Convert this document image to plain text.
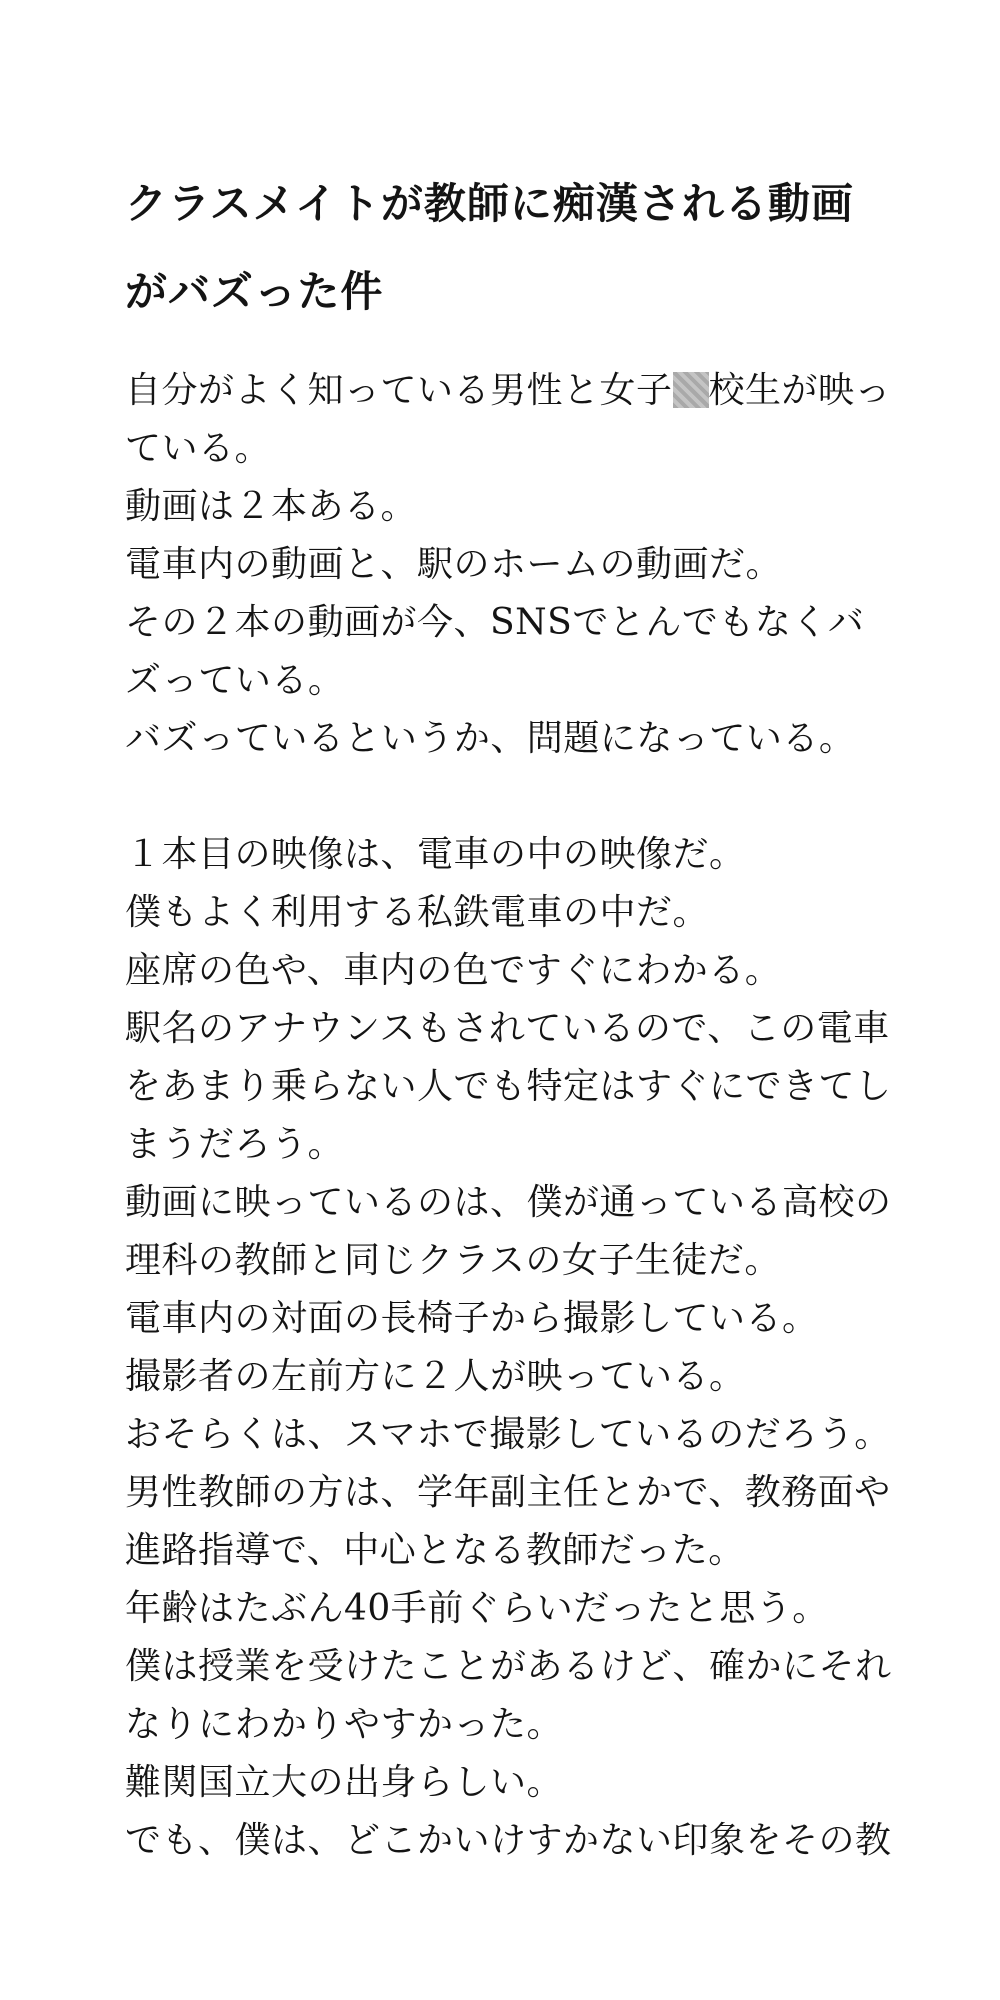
クラスメイトが教師に痴漢される動画がバズった件

自分がよく知っている男性と女子 校生が映っている。

動画は２本ある。

電車内の動画と、駅のホームの動画だ。

その２本の動画が今、SNSでとんでもなくバズっている。

バズっているというか、問題になっている。

１本目の映像は、電車の中の映像だ。

僕もよく利用する私鉄電車の中だ。

座席の色や、車内の色ですぐにわかる。

駅名のアナウンスもされているので、この電車をあまり乗らない人でも特定はすぐにできてしまうだろう。

動画に映っているのは、僕が通っている高校の理科の教師と同じクラスの女子生徒だ。

電車内の対面の長椅子から撮影している。

撮影者の左前方に２人が映っている。

おそらくは、スマホで撮影しているのだろう。

男性教師の方は、学年副主任とかで、教務面や進路指導で、中心となる教師だった。

年齢はたぶん40手前ぐらいだったと思う。

僕は授業を受けたことがあるけど、確かにそれなりにわかりやすかった。

難関国立大の出身らしい。

でも、僕は、どこかいけすかない印象をその教
